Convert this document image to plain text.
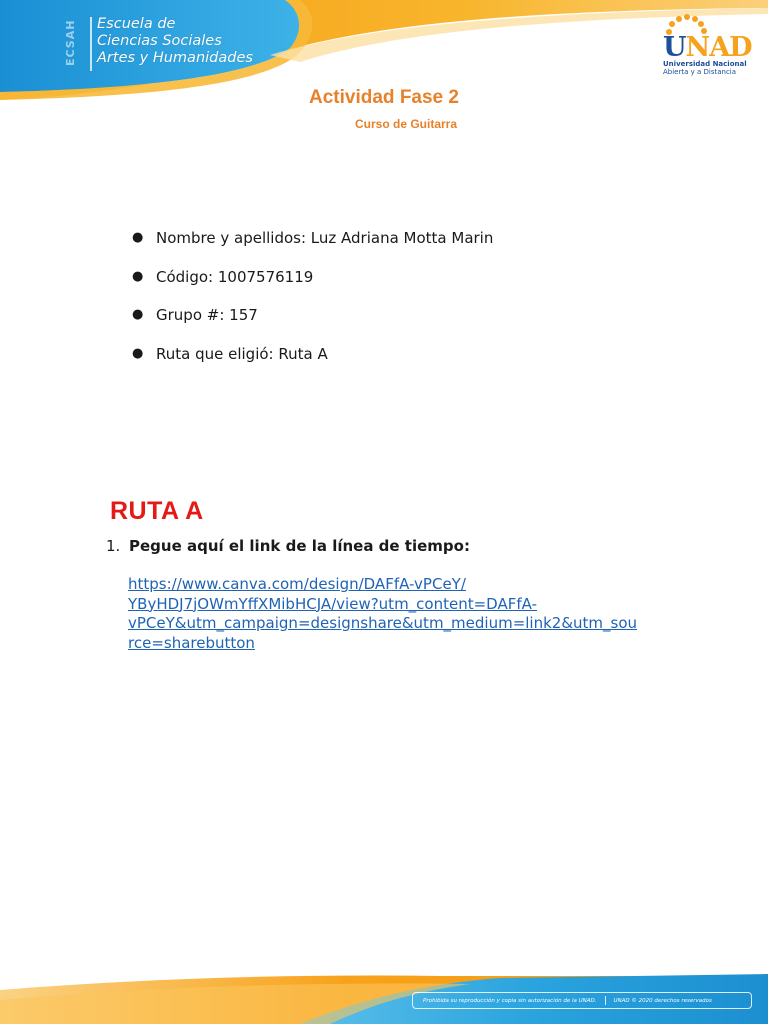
ECSAH	Escuela de
Ciencias Sociales
Artes y Humanidades	UNAD
Universidad Nacional
Abierta y a Distancia
Actividad Fase 2
Curso de Guitarra
● Nombre y apellidos: Luz Adriana Motta Marin
● Código: 1007576119
● Grupo #: 157
● Ruta que eligió: Ruta A
RUTA A
1. Pegue aquí el link de la línea de tiempo:
https://www.canva.com/design/DAFfA-vPCeY/
YByHDJ7jOWmYffXMibHCJA/view?utm_content=DAFfA-
vPCeY&utm_campaign=designshare&utm_medium=link2&utm_sou
rce=sharebutton
Prohibida su reproducción y copia sin autorización de la UNAD.	UNAD © 2020 derechos reservados
